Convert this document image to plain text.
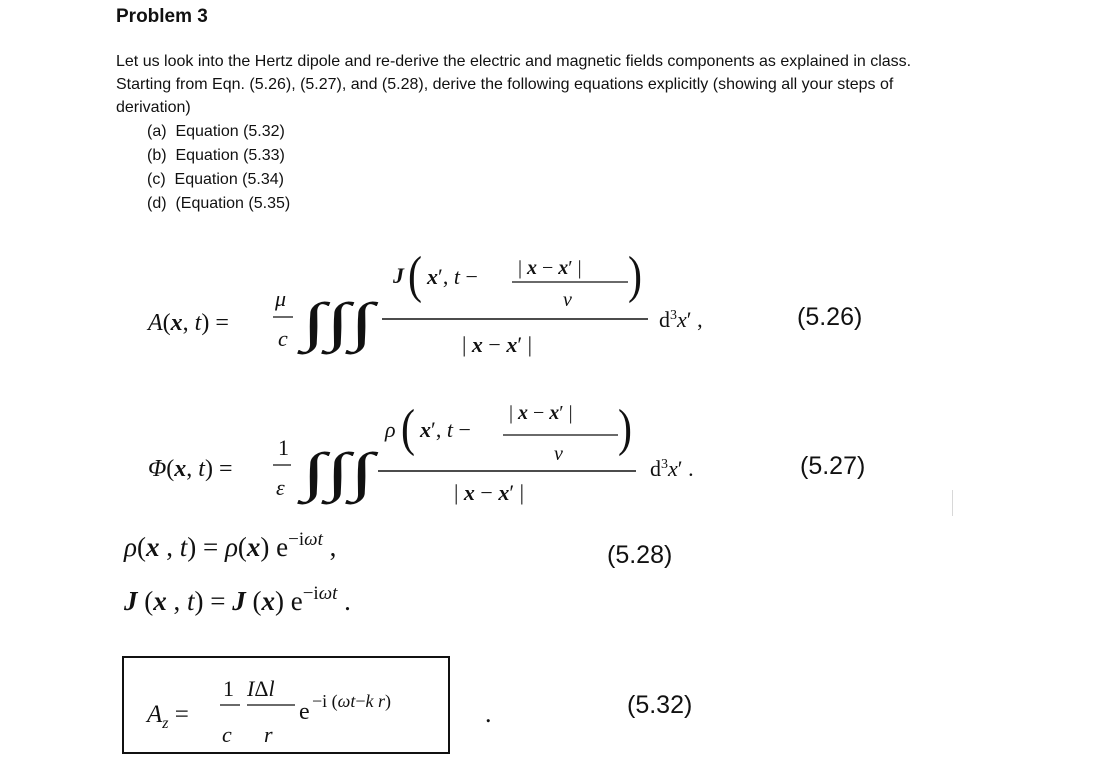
Problem 3
Let us look into the Hertz dipole and re-derive the electric and magnetic fields components as explained in class. Starting from Eqn. (5.26), (5.27), and (5.28), derive the following equations explicitly (showing all your steps of derivation)
(a) Equation (5.32)
(b) Equation (5.33)
(c) Equation (5.34)
(d) (Equation (5.35)
A(x, t) =
μ
c ∫∫∫
J ( x′, t − | x − x′ |
v )
| x − x′ |
$d^3x'$ ,
Φ(x, t) =
1
ε ∫∫∫
ρ ( x′, t −
| x − x′ |
v )
| x − x′ |
$d^3x'$ .
ρ(x , t) = ρ(x) $e^{-i}\omega t$ ,
J (x , t) = J (x) $e^{-i}\omega t$ .
$A_z$ =
1
c
IΔl
r
e −i (ωt−k r)	.
(5.26)
(5.27)
(5.28)
(5.32)
